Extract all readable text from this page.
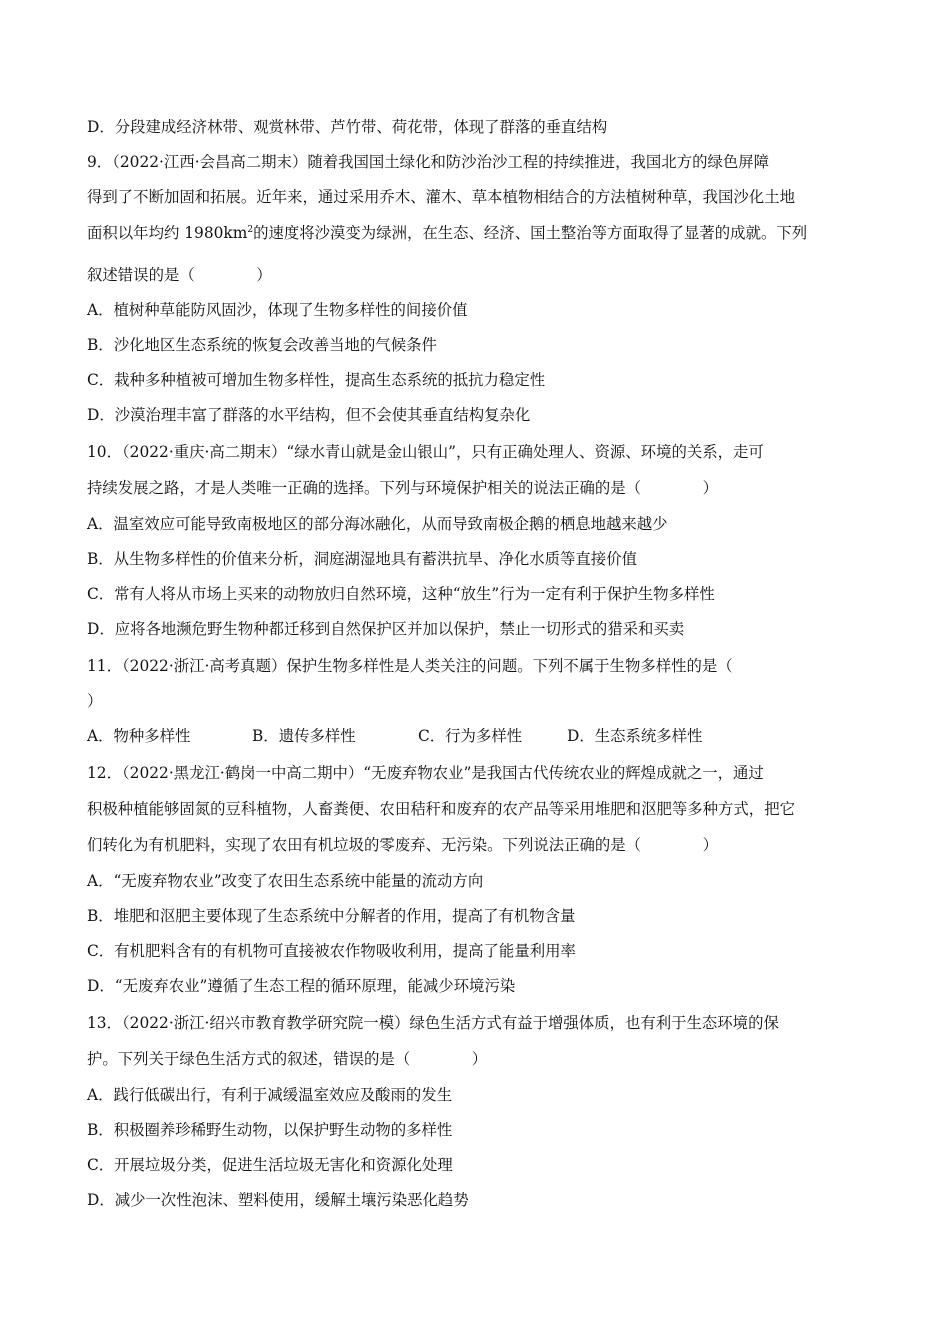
D．分段建成经济林带、观赏林带、芦竹带、荷花带，体现了群落的垂直结构
9．（2022·江西·会昌高二期末）随着我国国土绿化和防沙治沙工程的持续推进，我国北方的绿色屏障
得到了不断加固和拓展。近年来，通过采用乔木、灌木、草本植物相结合的方法植树种草，我国沙化土地
面积以年均约 $1980km^2$的速度将沙漠变为绿洲，在生态、经济、国土整治等方面取得了显著的成就。下列
叙述错误的是（　　　　）
A．植树种草能防风固沙，体现了生物多样性的间接价值
B．沙化地区生态系统的恢复会改善当地的气候条件
C．栽种多种植被可增加生物多样性，提高生态系统的抵抗力稳定性
D．沙漠治理丰富了群落的水平结构，但不会使其垂直结构复杂化
10．（2022·重庆·高二期末）“绿水青山就是金山银山”，只有正确处理人、资源、环境的关系，走可
持续发展之路，才是人类唯一正确的选择。下列与环境保护相关的说法正确的是（　　　　）
A．温室效应可能导致南极地区的部分海冰融化，从而导致南极企鹅的栖息地越来越少
B．从生物多样性的价值来分析，洞庭湖湿地具有蓄洪抗旱、净化水质等直接价值
C．常有人将从市场上买来的动物放归自然环境，这种“放生”行为一定有利于保护生物多样性
D．应将各地濒危野生物种都迁移到自然保护区并加以保护，禁止一切形式的猎采和买卖
11．（2022·浙江·高考真题）保护生物多样性是人类关注的问题。下列不属于生物多样性的是（
）
A．物种多样性	B．遗传多样性	C．行为多样性	D．生态系统多样性
12．（2022·黑龙江·鹤岗一中高二期中）“无废弃物农业”是我国古代传统农业的辉煌成就之一，通过
积极种植能够固氮的豆科植物，人畜粪便、农田秸秆和废弃的农产品等采用堆肥和沤肥等多种方式，把它
们转化为有机肥料，实现了农田有机垃圾的零废弃、无污染。下列说法正确的是（　　　　）
A．“无废弃物农业”改变了农田生态系统中能量的流动方向
B．堆肥和沤肥主要体现了生态系统中分解者的作用，提高了有机物含量
C．有机肥料含有的有机物可直接被农作物吸收利用，提高了能量利用率
D．“无废弃农业”遵循了生态工程的循环原理，能减少环境污染
13．（2022·浙江·绍兴市教育教学研究院一模）绿色生活方式有益于增强体质，也有利于生态环境的保
护。下列关于绿色生活方式的叙述，错误的是（　　　　）
A．践行低碳出行，有利于减缓温室效应及酸雨的发生
B．积极圈养珍稀野生动物，以保护野生动物的多样性
C．开展垃圾分类，促进生活垃圾无害化和资源化处理
D．减少一次性泡沫、塑料使用，缓解土壤污染恶化趋势
